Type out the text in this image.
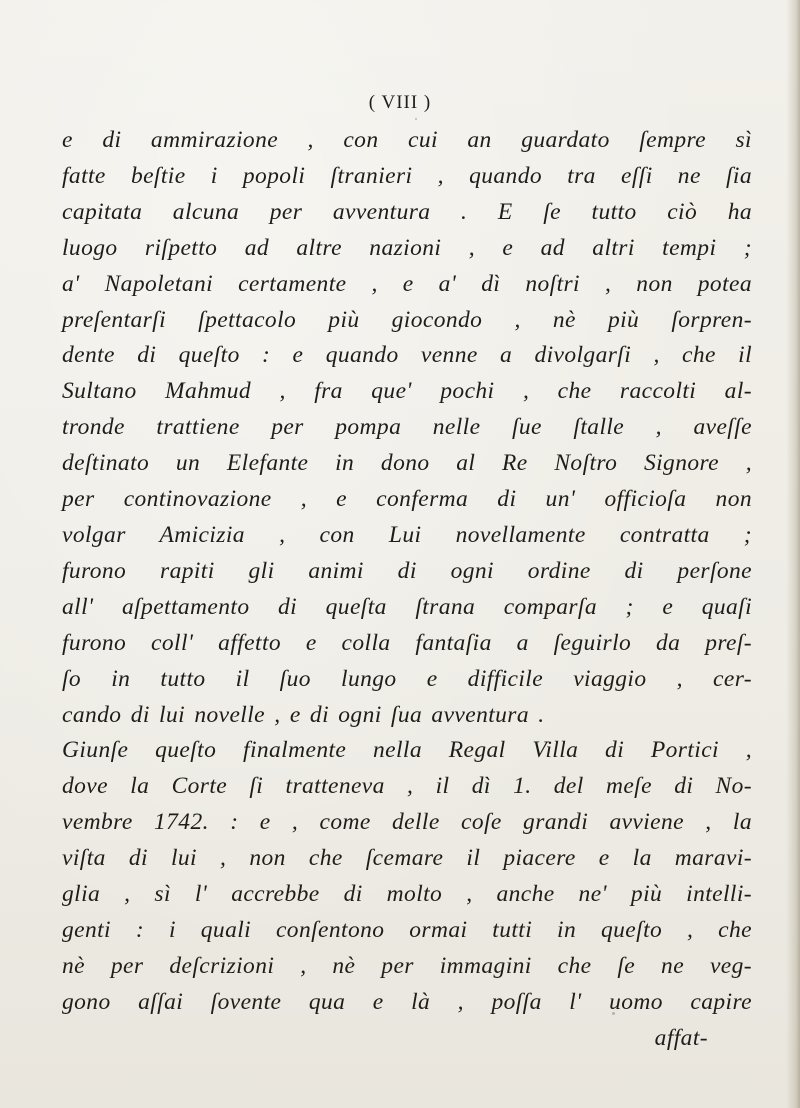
( VIII )
e di ammirazione , con cui an guardato ſempre sì
fatte beſtie i popoli ſtranieri , quando tra eſſi ne ſia
capitata alcuna per avventura . E ſe tutto ciò ha
luogo riſpetto ad altre nazioni , e ad altri tempi ;
a' Napoletani certamente , e a' dì noſtri , non potea
preſentarſi ſpettacolo più giocondo , nè più ſorpren-
dente di queſto : e quando venne a divolgarſi , che il
Sultano Mahmud , fra que' pochi , che raccolti al-
tronde trattiene per pompa nelle ſue ſtalle , aveſſe
deſtinato un Elefante in dono al Re Noſtro Signore ,
per continovazione , e conferma di un' officioſa non
volgar Amicizia , con Lui novellamente contratta ;
furono rapiti gli animi di ogni ordine di perſone
all' aſpettamento di queſta ſtrana comparſa ; e quaſi
furono coll' affetto e colla fantaſia a ſeguirlo da preſ-
ſo in tutto il ſuo lungo e difficile viaggio , cer-
cando di lui novelle , e di ogni ſua avventura .
Giunſe queſto finalmente nella Regal Villa di Portici ,
dove la Corte ſi tratteneva , il dì 1. del meſe di No-
vembre 1742. : e , come delle coſe grandi avviene , la
viſta di lui , non che ſcemare il piacere e la maravi-
glia , sì l' accrebbe di molto , anche ne' più intelli-
genti : i quali conſentono ormai tutti in queſto , che
nè per deſcrizioni , nè per immagini che ſe ne veg-
gono aſſai ſovente qua e là , poſſa l' uomo capire
affat-
